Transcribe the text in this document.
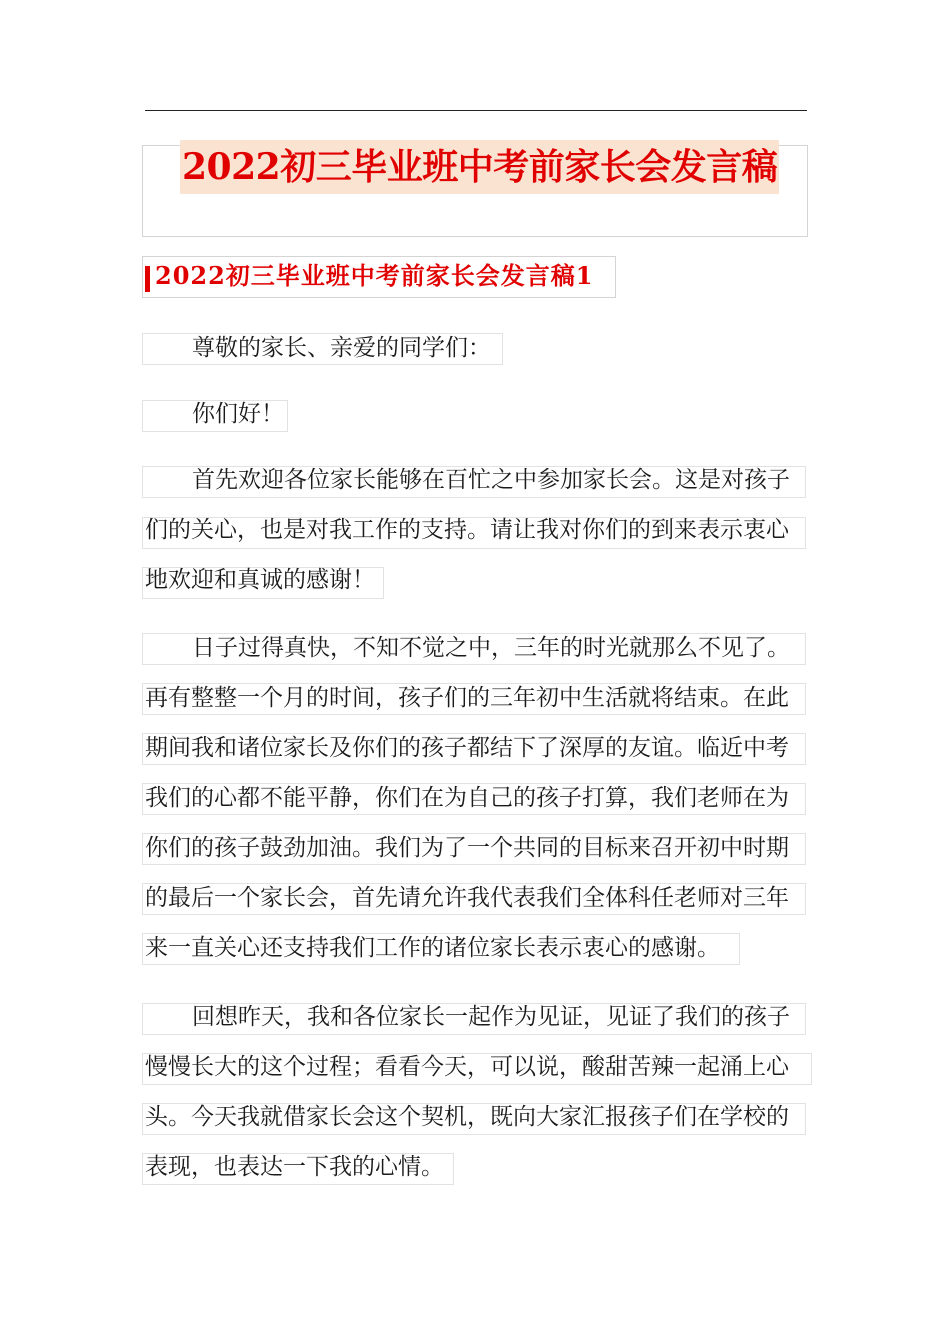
2022初三毕业班中考前家长会发言稿
2022初三毕业班中考前家长会发言稿1
尊敬的家长、亲爱的同学们：
你们好！
首先欢迎各位家长能够在百忙之中参加家长会。这是对孩子
们的关心，也是对我工作的支持。请让我对你们的到来表示衷心
地欢迎和真诚的感谢！
日子过得真快，不知不觉之中，三年的时光就那么不见了。
再有整整一个月的时间，孩子们的三年初中生活就将结束。在此
期间我和诸位家长及你们的孩子都结下了深厚的友谊。临近中考
我们的心都不能平静，你们在为自己的孩子打算，我们老师在为
你们的孩子鼓劲加油。我们为了一个共同的目标来召开初中时期
的最后一个家长会，首先请允许我代表我们全体科任老师对三年
来一直关心还支持我们工作的诸位家长表示衷心的感谢。
回想昨天，我和各位家长一起作为见证，见证了我们的孩子
慢慢长大的这个过程；看看今天，可以说，酸甜苦辣一起涌上心
头。今天我就借家长会这个契机，既向大家汇报孩子们在学校的
表现，也表达一下我的心情。
